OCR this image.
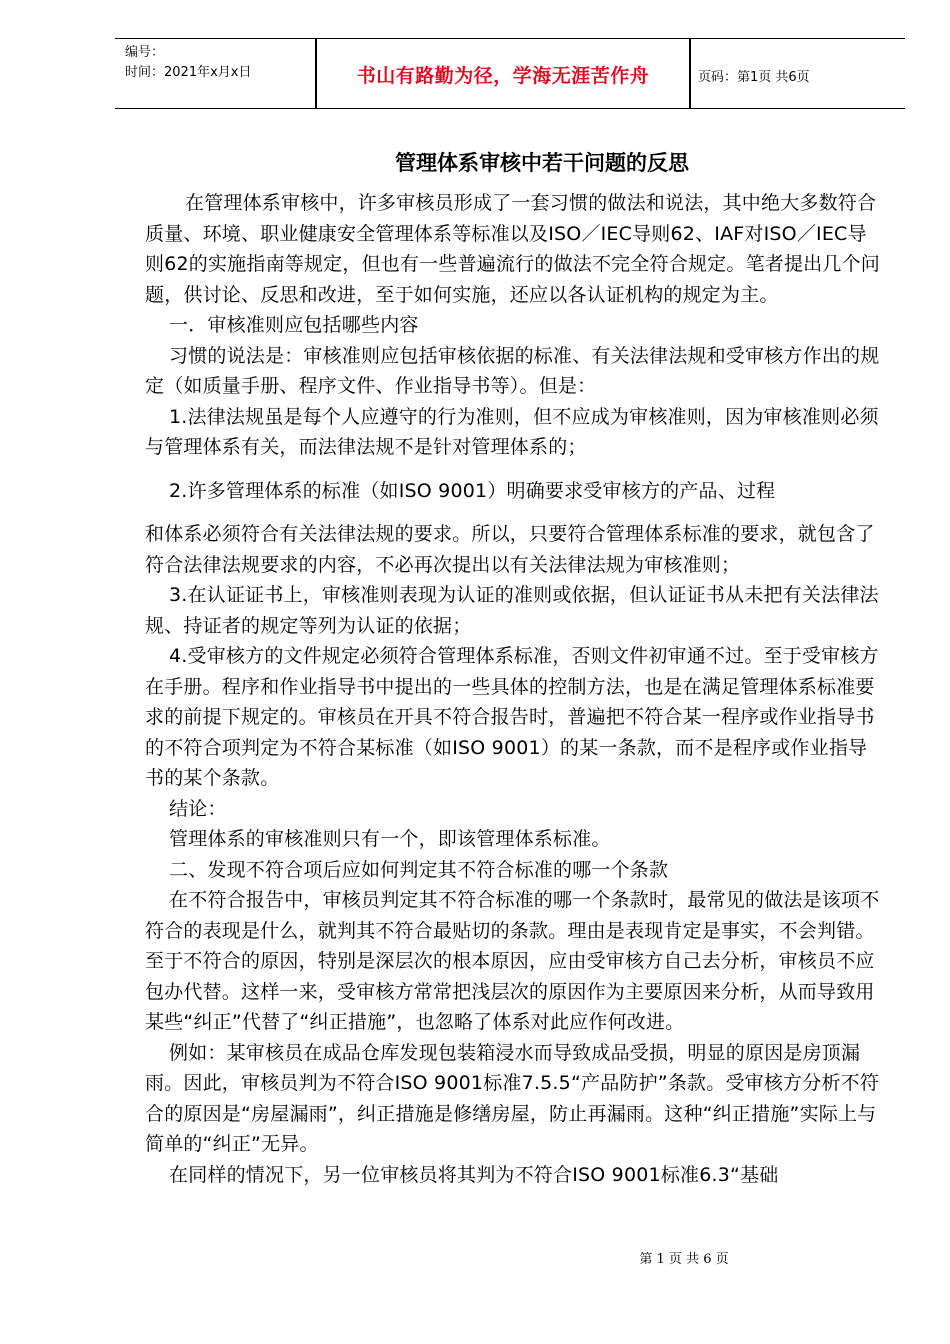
编号：
时间：2021年x月x日	书山有路勤为径，学海无涯苦作舟	页码：第1页 共6页
管理体系审核中若干问题的反思

在管理体系审核中，许多审核员形成了一套习惯的做法和说法，其中绝大多数符合质量、环境、职业健康安全管理体系等标准以及ISO／IEC导则62、IAF对ISO／IEC导则62的实施指南等规定，但也有一些普遍流行的做法不完全符合规定。笔者提出几个问题，供讨论、反思和改进，至于如何实施，还应以各认证机构的规定为主。

一．审核准则应包括哪些内容

习惯的说法是：审核准则应包括审核依据的标准、有关法律法规和受审核方作出的规定（如质量手册、程序文件、作业指导书等）。但是：

1.法律法规虽是每个人应遵守的行为准则，但不应成为审核准则，因为审核准则必须与管理体系有关，而法律法规不是针对管理体系的；

2.许多管理体系的标准（如ISO 9001）明确要求受审核方的产品、过程

和体系必须符合有关法律法规的要求。所以，只要符合管理体系标准的要求，就包含了符合法律法规要求的内容，不必再次提出以有关法律法规为审核准则；

3.在认证证书上，审核准则表现为认证的准则或依据，但认证证书从未把有关法律法规、持证者的规定等列为认证的依据；

4.受审核方的文件规定必须符合管理体系标准，否则文件初审通不过。至于受审核方在手册。程序和作业指导书中提出的一些具体的控制方法，也是在满足管理体系标准要求的前提下规定的。审核员在开具不符合报告时，普遍把不符合某一程序或作业指导书的不符合项判定为不符合某标准（如ISO 9001）的某一条款，而不是程序或作业指导书的某个条款。

结论：

管理体系的审核准则只有一个，即该管理体系标准。

二、发现不符合项后应如何判定其不符合标准的哪一个条款

在不符合报告中，审核员判定其不符合标准的哪一个条款时，最常见的做法是该项不符合的表现是什么，就判其不符合最贴切的条款。理由是表现肯定是事实，不会判错。至于不符合的原因，特别是深层次的根本原因，应由受审核方自己去分析，审核员不应包办代替。这样一来，受审核方常常把浅层次的原因作为主要原因来分析，从而导致用某些“纠正”代替了“纠正措施”，也忽略了体系对此应作何改进。

例如：某审核员在成品仓库发现包装箱浸水而导致成品受损，明显的原因是房顶漏雨。因此，审核员判为不符合ISO 9001标准7.5.5“产品防护”条款。受审核方分析不符合的原因是“房屋漏雨”，纠正措施是修缮房屋，防止再漏雨。这种“纠正措施”实际上与简单的“纠正”无异。

在同样的情况下，另一位审核员将其判为不符合ISO 9001标准6.3“基础

第 1 页 共 6 页
